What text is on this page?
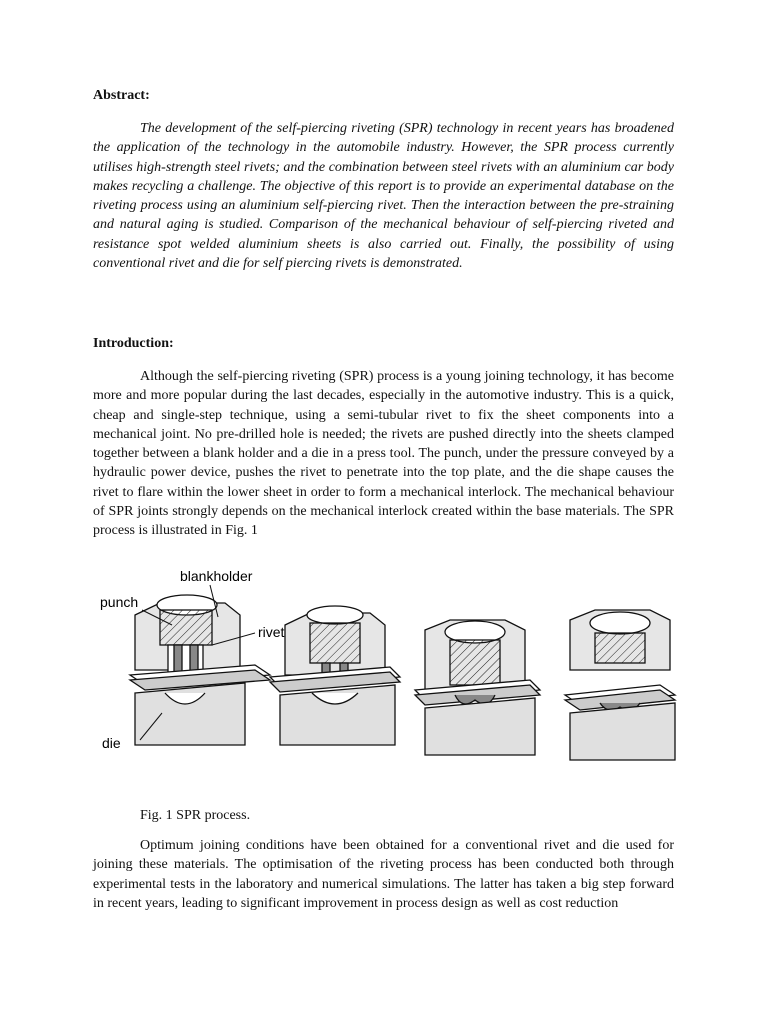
Abstract:

The development of the self-piercing riveting (SPR) technology in recent years has broadened the application of the technology in the automobile industry. However, the SPR process currently utilises high-strength steel rivets; and the combination between steel rivets with an aluminium car body makes recycling a challenge. The objective of this report is to provide an experimental database on the riveting process using an aluminium self-piercing rivet. Then the interaction between the pre-straining and natural aging is studied. Comparison of the mechanical behaviour of self-piercing riveted and resistance spot welded aluminium sheets is also carried out. Finally, the possibility of using conventional rivet and die for self piercing rivets is demonstrated.

Introduction:

Although the self-piercing riveting (SPR) process is a young joining technology, it has become more and more popular during the last decades, especially in the automotive industry. This is a quick, cheap and single-step technique, using a semi-tubular rivet to fix the sheet components into a mechanical joint. No pre-drilled hole is needed; the rivets are pushed directly into the sheets clamped together between a blank holder and a die in a press tool. The punch, under the pressure conveyed by a hydraulic power device, pushes the rivet to penetrate into the top plate, and the die shape causes the rivet to flare within the lower sheet in order to form a mechanical interlock. The mechanical behaviour of SPR joints strongly depends on the mechanical interlock created within the base materials. The SPR process is illustrated in Fig. 1

blankholder
punch
rivet
die
Fig. 1 SPR process.

Optimum joining conditions have been obtained for a conventional rivet and die used for joining these materials. The optimisation of the riveting process has been conducted both through experimental tests in the laboratory and numerical simulations. The latter has taken a big step forward in recent years, leading to significant improvement in process design as well as cost reduction
